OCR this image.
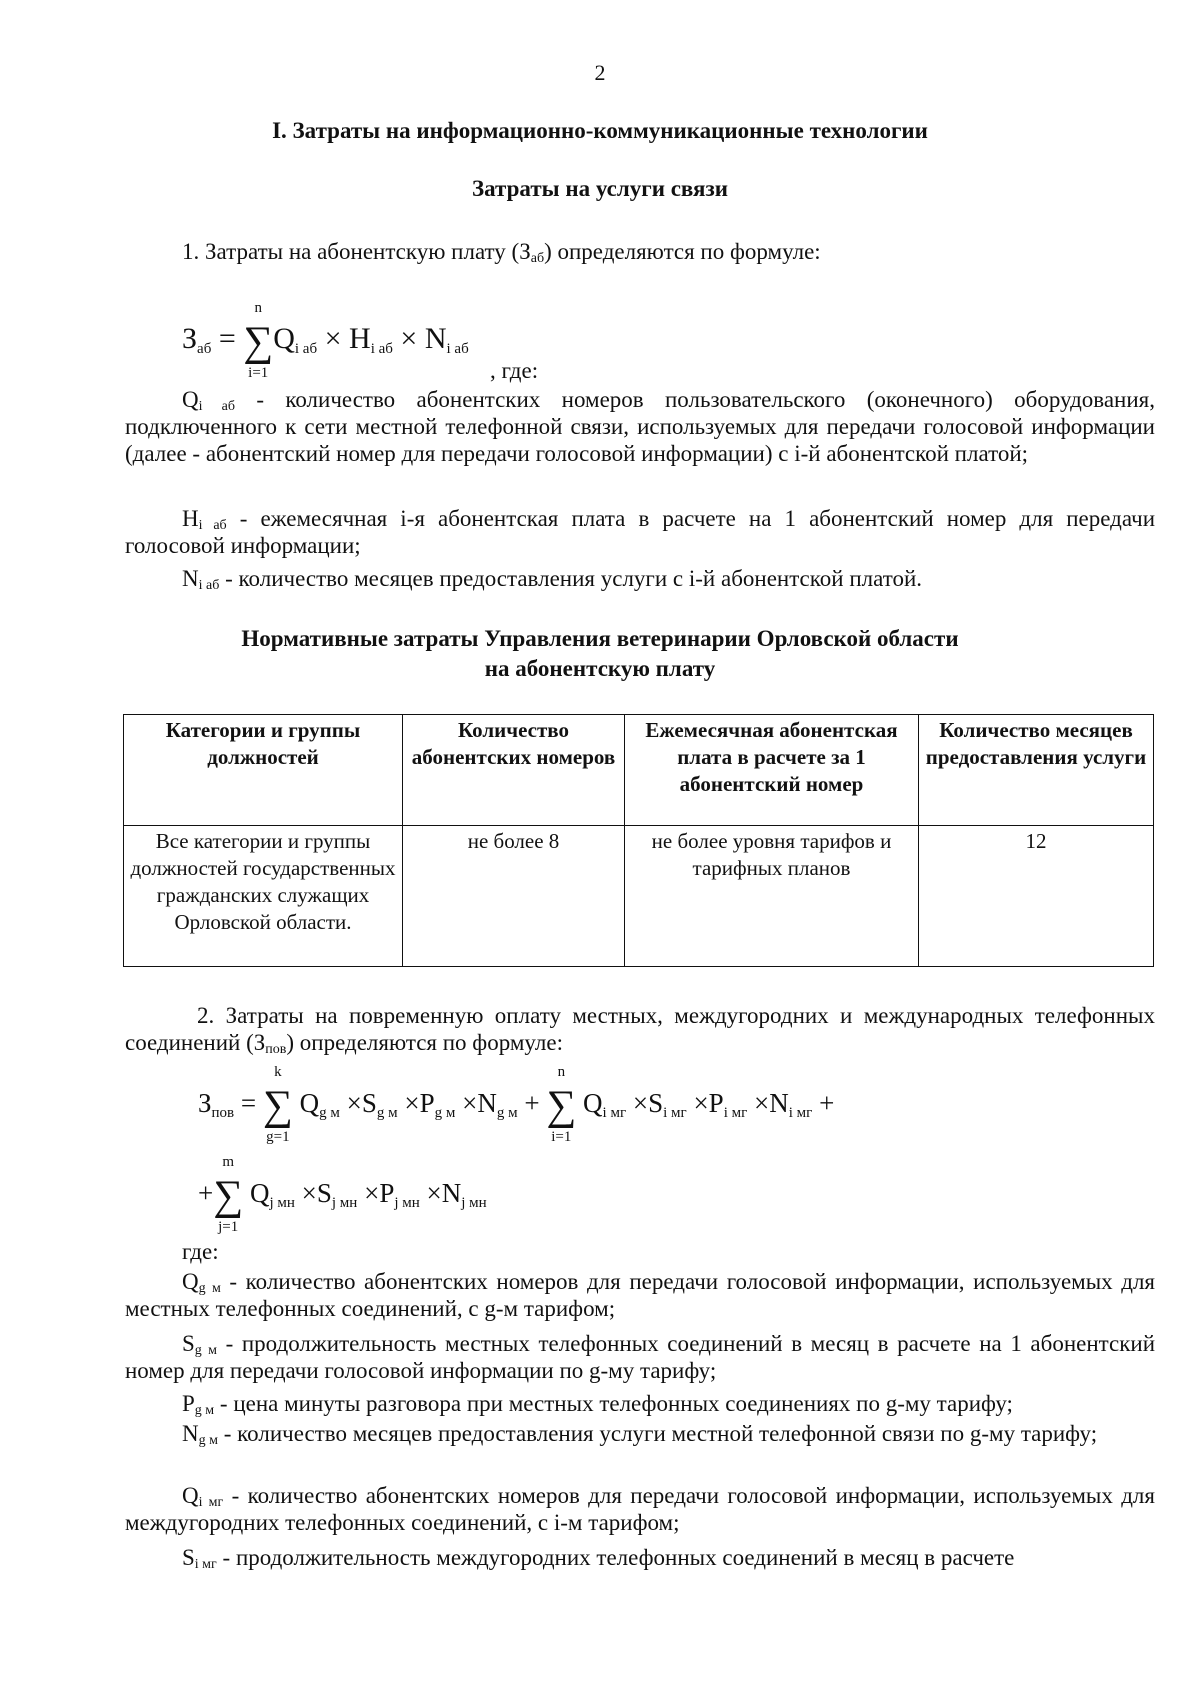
2
I. Затраты на информационно-коммуникационные технологии
Затраты на услуги связи
1. Затраты на абонентскую плату $(З_{аб})$ определяются по формуле:
Заб = ∑
n
i=1
Qi аб × Нi аб × Ni аб
, где:
$Q_{i аб}$ - количество абонентских номеров пользовательского (оконечного) оборудования, подключенного к сети местной телефонной связи, используемых для передачи голосовой информации (далее - абонентский номер для передачи голосовой информации) с i-й абонентской платой;
$Н_{i аб}$ - ежемесячная i-я абонентская плата в расчете на 1 абонентский номер для передачи голосовой информации;
$N_{i аб}$ - количество месяцев предоставления услуги с i-й абонентской платой.
Нормативные затраты Управления ветеринарии Орловской области
на абонентскую плату
Категории и группы должностей	Количество абонентских номеров	Ежемесячная абонентская плата в расчете за 1 абонентский номер	Количество месяцев предоставления услуги
Все категории и группы должностей государственных гражданских служащих Орловской области.	не более 8	не более уровня тарифов и тарифных планов	12
2. Затраты на повременную оплату местных, междугородних и международных телефонных соединений $(З_{пов})$ определяются по формуле:
Зпов = ∑
k
g=1
Qg м ×Sg м ×Pg м ×Ng м + ∑
n
i=1
Qi мг ×Si мг ×Pi мг ×Ni мг +
+∑
m
j=1
Qj мн ×Sj мн ×Pj мн ×Nj мн
где:
$Q_{g м}$ - количество абонентских номеров для передачи голосовой информации, используемых для местных телефонных соединений, с g-м тарифом;
$S_{g м}$ - продолжительность местных телефонных соединений в месяц в расчете на 1 абонентский номер для передачи голосовой информации по g-му тарифу;
$P_{g м}$ - цена минуты разговора при местных телефонных соединениях по g-му тарифу;
$N_{g м}$ - количество месяцев предоставления услуги местной телефонной связи по g-му тарифу;
$Q_{i мг}$ - количество абонентских номеров для передачи голосовой информации, используемых для междугородних телефонных соединений, с i-м тарифом;
$S_{i мг}$ - продолжительность междугородних телефонных соединений в месяц в расчете
